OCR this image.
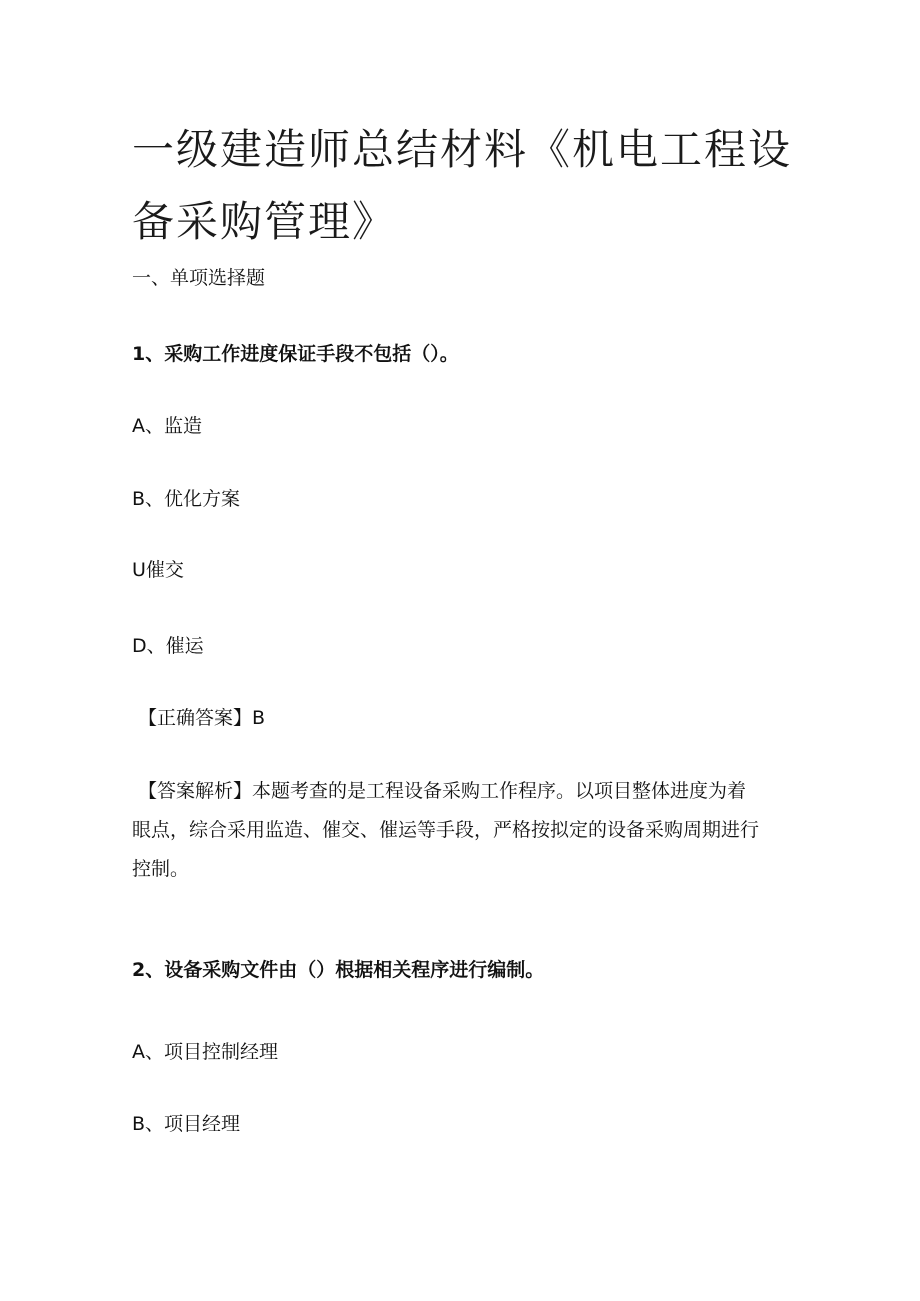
一级建造师总结材料《机电工程设
备采购管理》

一、单项选择题

1、采购工作进度保证手段不包括（）。

A、监造

B、优化方案

U催交

D、催运

【正确答案】B

【答案解析】本题考查的是工程设备采购工作程序。以项目整体进度为着
眼点，综合采用监造、催交、催运等手段，严格按拟定的设备采购周期进行
控制。

2、设备采购文件由（）根据相关程序进行编制。

A、项目控制经理

B、项目经理
